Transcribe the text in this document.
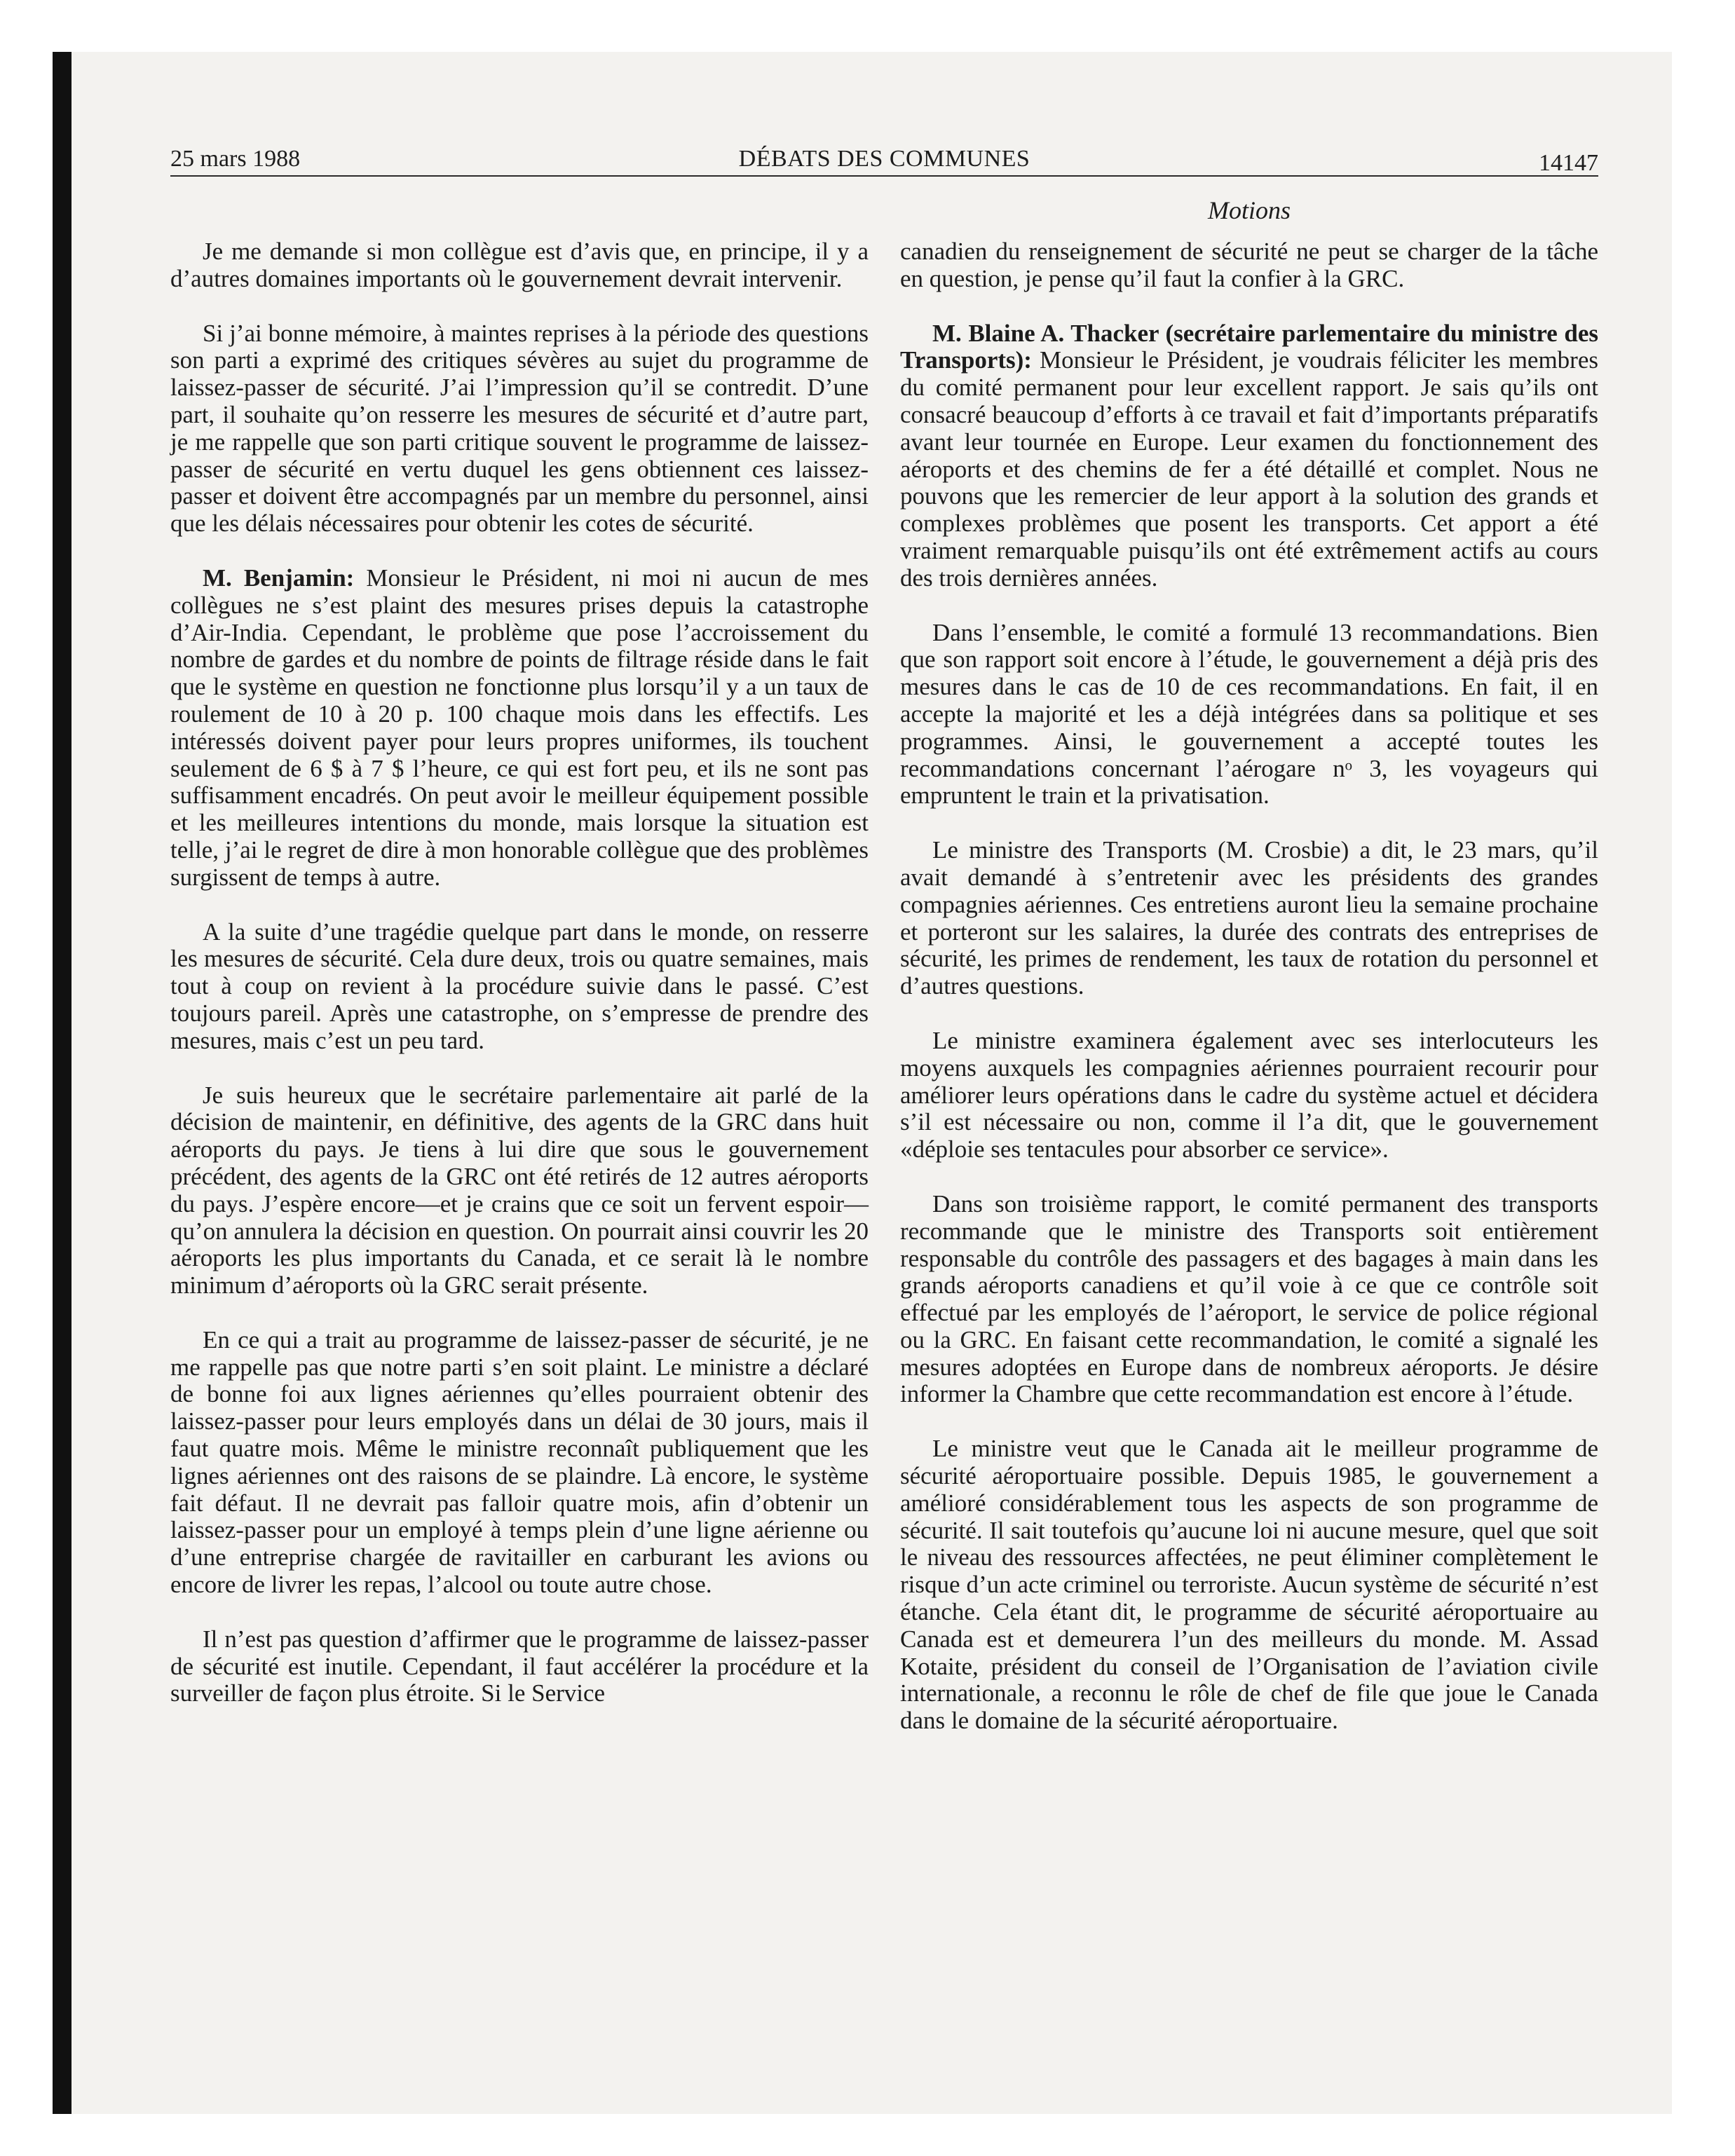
25 mars 1988	DÉBATS DES COMMUNES	14147
Motions

Je me demande si mon collègue est d’avis que, en principe, il y a d’autres domaines importants où le gouvernement devrait intervenir.

Si j’ai bonne mémoire, à maintes reprises à la période des questions son parti a exprimé des critiques sévères au sujet du programme de laissez-passer de sécurité. J’ai l’impression qu’il se contredit. D’une part, il souhaite qu’on resserre les mesures de sécurité et d’autre part, je me rappelle que son parti critique souvent le programme de laissez-passer de sécurité en vertu duquel les gens obtiennent ces laissez-passer et doivent être accompagnés par un membre du personnel, ainsi que les délais nécessaires pour obtenir les cotes de sécurité.

M. Benjamin: Monsieur le Président, ni moi ni aucun de mes collègues ne s’est plaint des mesures prises depuis la catastrophe d’Air-India. Cependant, le problème que pose l’accroissement du nombre de gardes et du nombre de points de filtrage réside dans le fait que le système en question ne fonctionne plus lorsqu’il y a un taux de roulement de 10 à 20 p. 100 chaque mois dans les effectifs. Les intéressés doivent payer pour leurs propres uniformes, ils touchent seulement de 6 $ à 7 $ l’heure, ce qui est fort peu, et ils ne sont pas suffisamment encadrés. On peut avoir le meilleur équipement possible et les meilleures intentions du monde, mais lorsque la situation est telle, j’ai le regret de dire à mon honorable collègue que des problèmes surgissent de temps à autre.

A la suite d’une tragédie quelque part dans le monde, on resserre les mesures de sécurité. Cela dure deux, trois ou quatre semaines, mais tout à coup on revient à la procédure suivie dans le passé. C’est toujours pareil. Après une catastrophe, on s’empresse de prendre des mesures, mais c’est un peu tard.

Je suis heureux que le secrétaire parlementaire ait parlé de la décision de maintenir, en définitive, des agents de la GRC dans huit aéroports du pays. Je tiens à lui dire que sous le gouvernement précédent, des agents de la GRC ont été retirés de 12 autres aéroports du pays. J’espère encore—et je crains que ce soit un fervent espoir—qu’on annulera la décision en question. On pourrait ainsi couvrir les 20 aéroports les plus importants du Canada, et ce serait là le nombre minimum d’aéroports où la GRC serait présente.

En ce qui a trait au programme de laissez-passer de sécurité, je ne me rappelle pas que notre parti s’en soit plaint. Le ministre a déclaré de bonne foi aux lignes aériennes qu’elles pourraient obtenir des laissez-passer pour leurs employés dans un délai de 30 jours, mais il faut quatre mois. Même le ministre reconnaît publiquement que les lignes aériennes ont des raisons de se plaindre. Là encore, le système fait défaut. Il ne devrait pas falloir quatre mois, afin d’obtenir un laissez-passer pour un employé à temps plein d’une ligne aérienne ou d’une entreprise chargée de ravitailler en carburant les avions ou encore de livrer les repas, l’alcool ou toute autre chose.

Il n’est pas question d’affirmer que le programme de laissez-passer de sécurité est inutile. Cependant, il faut accélérer la procédure et la surveiller de façon plus étroite. Si le Service

canadien du renseignement de sécurité ne peut se charger de la tâche en question, je pense qu’il faut la confier à la GRC.

M. Blaine A. Thacker (secrétaire parlementaire du ministre des Transports): Monsieur le Président, je voudrais féliciter les membres du comité permanent pour leur excellent rapport. Je sais qu’ils ont consacré beaucoup d’efforts à ce travail et fait d’importants préparatifs avant leur tournée en Europe. Leur examen du fonctionnement des aéroports et des chemins de fer a été détaillé et complet. Nous ne pouvons que les remercier de leur apport à la solution des grands et complexes problèmes que posent les transports. Cet apport a été vraiment remarquable puisqu’ils ont été extrêmement actifs au cours des trois dernières années.

Dans l’ensemble, le comité a formulé 13 recommandations. Bien que son rapport soit encore à l’étude, le gouvernement a déjà pris des mesures dans le cas de 10 de ces recommandations. En fait, il en accepte la majorité et les a déjà intégrées dans sa politique et ses programmes. Ainsi, le gouvernement a accepté toutes les recommandations concernant l’aérogare nᵒ 3, les voyageurs qui empruntent le train et la privatisation.

Le ministre des Transports (M. Crosbie) a dit, le 23 mars, qu’il avait demandé à s’entretenir avec les présidents des grandes compagnies aériennes. Ces entretiens auront lieu la semaine prochaine et porteront sur les salaires, la durée des contrats des entreprises de sécurité, les primes de rendement, les taux de rotation du personnel et d’autres questions.

Le ministre examinera également avec ses interlocuteurs les moyens auxquels les compagnies aériennes pourraient recourir pour améliorer leurs opérations dans le cadre du système actuel et décidera s’il est nécessaire ou non, comme il l’a dit, que le gouvernement «déploie ses tentacules pour absorber ce service».

Dans son troisième rapport, le comité permanent des transports recommande que le ministre des Transports soit entièrement responsable du contrôle des passagers et des bagages à main dans les grands aéroports canadiens et qu’il voie à ce que ce contrôle soit effectué par les employés de l’aéroport, le service de police régional ou la GRC. En faisant cette recommandation, le comité a signalé les mesures adoptées en Europe dans de nombreux aéroports. Je désire informer la Chambre que cette recommandation est encore à l’étude.

Le ministre veut que le Canada ait le meilleur programme de sécurité aéroportuaire possible. Depuis 1985, le gouvernement a amélioré considérablement tous les aspects de son programme de sécurité. Il sait toutefois qu’aucune loi ni aucune mesure, quel que soit le niveau des ressources affectées, ne peut éliminer complètement le risque d’un acte criminel ou terroriste. Aucun système de sécurité n’est étanche. Cela étant dit, le programme de sécurité aéroportuaire au Canada est et demeurera l’un des meilleurs du monde. M. Assad Kotaite, président du conseil de l’Organisation de l’aviation civile internationale, a reconnu le rôle de chef de file que joue le Canada dans le domaine de la sécurité aéroportuaire.
